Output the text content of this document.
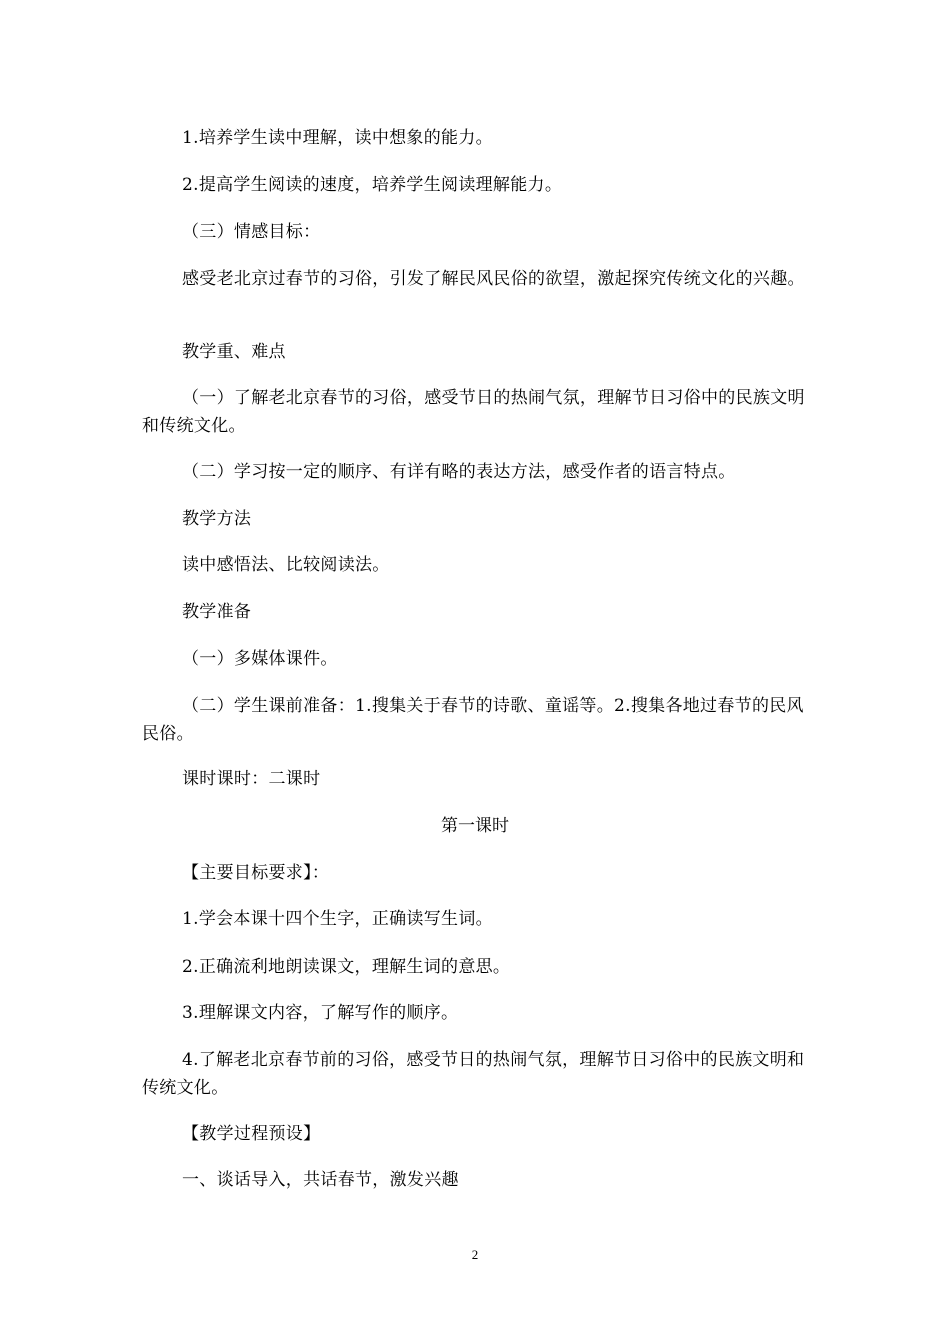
1.培养学生读中理解，读中想象的能力。

2.提高学生阅读的速度，培养学生阅读理解能力。

（三）情感目标：

感受老北京过春节的习俗，引发了解民风民俗的欲望，激起探究传统文化的兴趣。

教学重、难点

（一）了解老北京春节的习俗，感受节日的热闹气氛，理解节日习俗中的民族文明和传统文化。

（二）学习按一定的顺序、有详有略的表达方法，感受作者的语言特点。

教学方法

读中感悟法、比较阅读法。

教学准备

（一）多媒体课件。

（二）学生课前准备：1.搜集关于春节的诗歌、童谣等。2.搜集各地过春节的民风民俗。

课时课时：二课时

第一课时

【主要目标要求】：

1.学会本课十四个生字，正确读写生词。

2.正确流利地朗读课文，理解生词的意思。

3.理解课文内容，了解写作的顺序。

4.了解老北京春节前的习俗，感受节日的热闹气氛，理解节日习俗中的民族文明和传统文化。

【教学过程预设】

一、谈话导入，共话春节，激发兴趣

2
